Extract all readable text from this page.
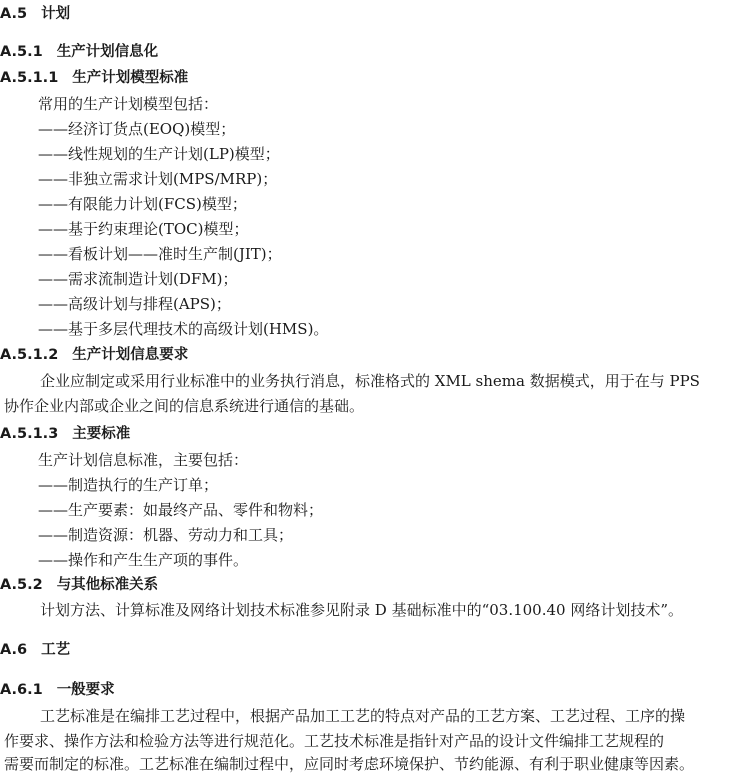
A.5 计划
A.5.1 生产计划信息化
A.5.1.1 生产计划模型标准
常用的生产计划模型包括：
——经济订货点(EOQ)模型；
——线性规划的生产计划(LP)模型；
——非独立需求计划(MPS/MRP)；
——有限能力计划(FCS)模型；
——基于约束理论(TOC)模型；
——看板计划——准时生产制(JIT)；
——需求流制造计划(DFM)；
——高级计划与排程(APS)；
——基于多层代理技术的高级计划(HMS)。
A.5.1.2 生产计划信息要求
企业应制定或采用行业标准中的业务执行消息，标准格式的 XML shema 数据模式，用于在与 PPS
协作企业内部或企业之间的信息系统进行通信的基础。
A.5.1.3 主要标准
生产计划信息标准，主要包括：
——制造执行的生产订单；
——生产要素：如最终产品、零件和物料；
——制造资源：机器、劳动力和工具；
——操作和产生生产项的事件。
A.5.2 与其他标准关系
计划方法、计算标准及网络计划技术标准参见附录 D 基础标准中的“03.100.40 网络计划技术”。
A.6 工艺
A.6.1 一般要求
工艺标准是在编排工艺过程中，根据产品加工工艺的特点对产品的工艺方案、工艺过程、工序的操
作要求、操作方法和检验方法等进行规范化。工艺技术标准是指针对产品的设计文件编排工艺规程的
需要而制定的标准。工艺标准在编制过程中，应同时考虑环境保护、节约能源、有利于职业健康等因素。
